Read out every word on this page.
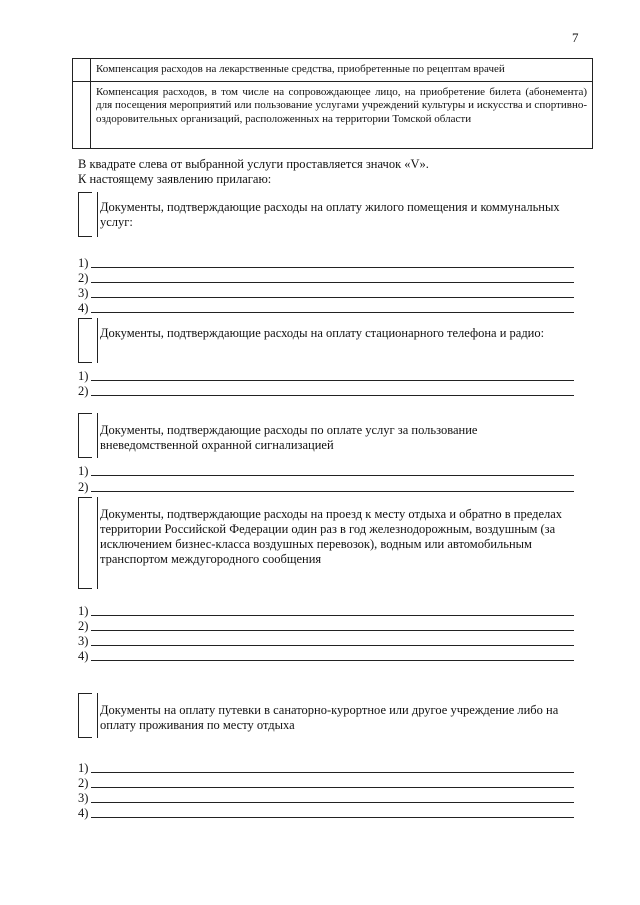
7
	Компенсация расходов на лекарственные средства, приобретенные по рецептам врачей
	Компенсация расходов, в том числе на сопровождающее лицо, на приобретение билета (абонемента) для посещения мероприятий или пользование услугами учреждений культуры и искусства и спортивно-оздоровительных организаций, расположенных на территории Томской области
В квадрате слева от выбранной услуги проставляется значок «V».
К настоящему заявлению прилагаю:
Документы, подтверждающие расходы на оплату жилого помещения и коммунальных услуг:
1)
2)
3)
4)
Документы, подтверждающие расходы на оплату стационарного телефона и радио:
1)
2)
Документы, подтверждающие расходы по оплате услуг за пользование вневедомственной охранной сигнализацией
1)
2)
Документы, подтверждающие расходы на проезд к месту отдыха и обратно в пределах территории Российской Федерации один раз в год железнодорожным, воздушным (за исключением бизнес-класса воздушных перевозок), водным или автомобильным транспортом междугородного сообщения
1)
2)
3)
4)
Документы на оплату путевки в санаторно-курортное или другое учреждение либо на оплату проживания по месту отдыха
1)
2)
3)
4)
